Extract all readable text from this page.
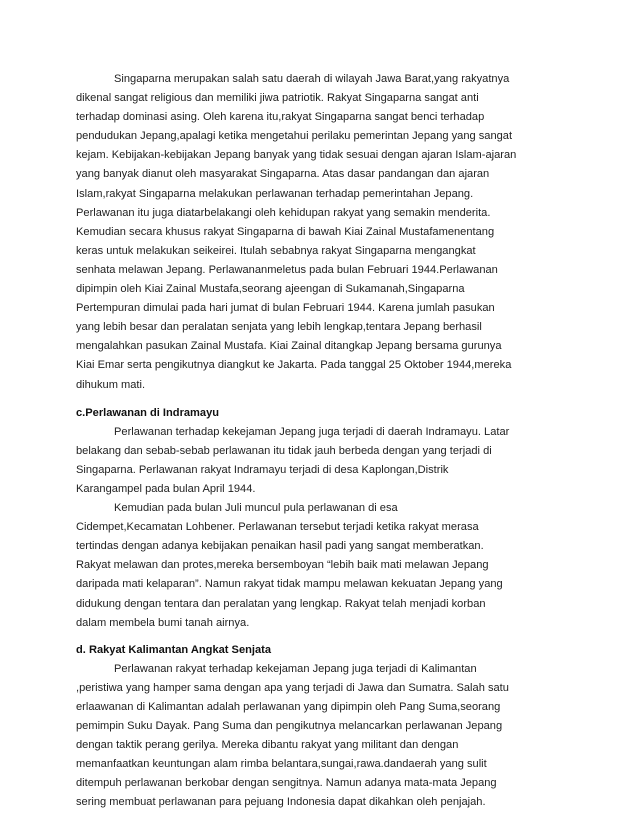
Singaparna merupakan salah satu daerah di wilayah Jawa Barat,yang rakyatnya
dikenal sangat religious dan memiliki jiwa patriotik. Rakyat Singaparna sangat anti
terhadap dominasi asing. Oleh karena itu,rakyat Singaparna sangat benci terhadap
pendudukan Jepang,apalagi ketika mengetahui perilaku pemerintan Jepang yang sangat
kejam. Kebijakan-kebijakan Jepang banyak yang tidak sesuai dengan ajaran Islam-ajaran
yang banyak dianut oleh masyarakat Singaparna. Atas dasar pandangan dan ajaran
Islam,rakyat Singaparna melakukan perlawanan terhadap pemerintahan Jepang.
Perlawanan itu juga diatarbelakangi oleh kehidupan rakyat yang semakin menderita.
Kemudian secara khusus rakyat Singaparna di bawah Kiai Zainal Mustafamenentang
keras untuk melakukan seikeirei. Itulah sebabnya rakyat Singaparna mengangkat
senhata melawan Jepang. Perlawananmeletus pada bulan Februari 1944.Perlawanan
dipimpin oleh Kiai Zainal Mustafa,seorang ajeengan di Sukamanah,Singaparna
Pertempuran dimulai pada hari jumat di bulan Februari 1944. Karena jumlah pasukan
yang lebih besar dan peralatan senjata yang lebih lengkap,tentara Jepang berhasil
mengalahkan pasukan Zainal Mustafa. Kiai Zainal ditangkap Jepang bersama gurunya
Kiai Emar serta pengikutnya diangkut ke Jakarta. Pada tanggal 25 Oktober 1944,mereka
dihukum mati.
c.Perlawanan di Indramayu
Perlawanan terhadap kekejaman Jepang juga terjadi di daerah Indramayu. Latar
belakang dan sebab-sebab perlawanan itu tidak jauh berbeda dengan yang terjadi di
Singaparna. Perlawanan rakyat Indramayu terjadi di desa Kaplongan,Distrik
Karangampel pada bulan April 1944.
Kemudian pada bulan Juli muncul pula perlawanan di esa
Cidempet,Kecamatan Lohbener. Perlawanan tersebut terjadi ketika rakyat merasa
tertindas dengan adanya kebijakan penaikan hasil padi yang sangat memberatkan.
Rakyat melawan dan protes,mereka bersemboyan “lebih baik mati melawan Jepang
daripada mati kelaparan”. Namun rakyat tidak mampu melawan kekuatan Jepang yang
didukung dengan tentara dan peralatan yang lengkap. Rakyat telah menjadi korban
dalam membela bumi tanah airnya.
d. Rakyat Kalimantan Angkat Senjata
Perlawanan rakyat terhadap kekejaman Jepang juga terjadi di Kalimantan
,peristiwa yang hamper sama dengan apa yang terjadi di Jawa dan Sumatra. Salah satu
erlaawanan di Kalimantan adalah perlawanan yang dipimpin oleh Pang Suma,seorang
pemimpin Suku Dayak. Pang Suma dan pengikutnya melancarkan perlawanan Jepang
dengan taktik perang gerilya. Mereka dibantu rakyat yang militant dan dengan
memanfaatkan keuntungan alam rimba belantara,sungai,rawa.dandaerah yang sulit
ditempuh perlawanan berkobar dengan sengitnya. Namun adanya mata-mata Jepang
sering membuat perlawanan para pejuang Indonesia dapat dikahkan oleh penjajah.
